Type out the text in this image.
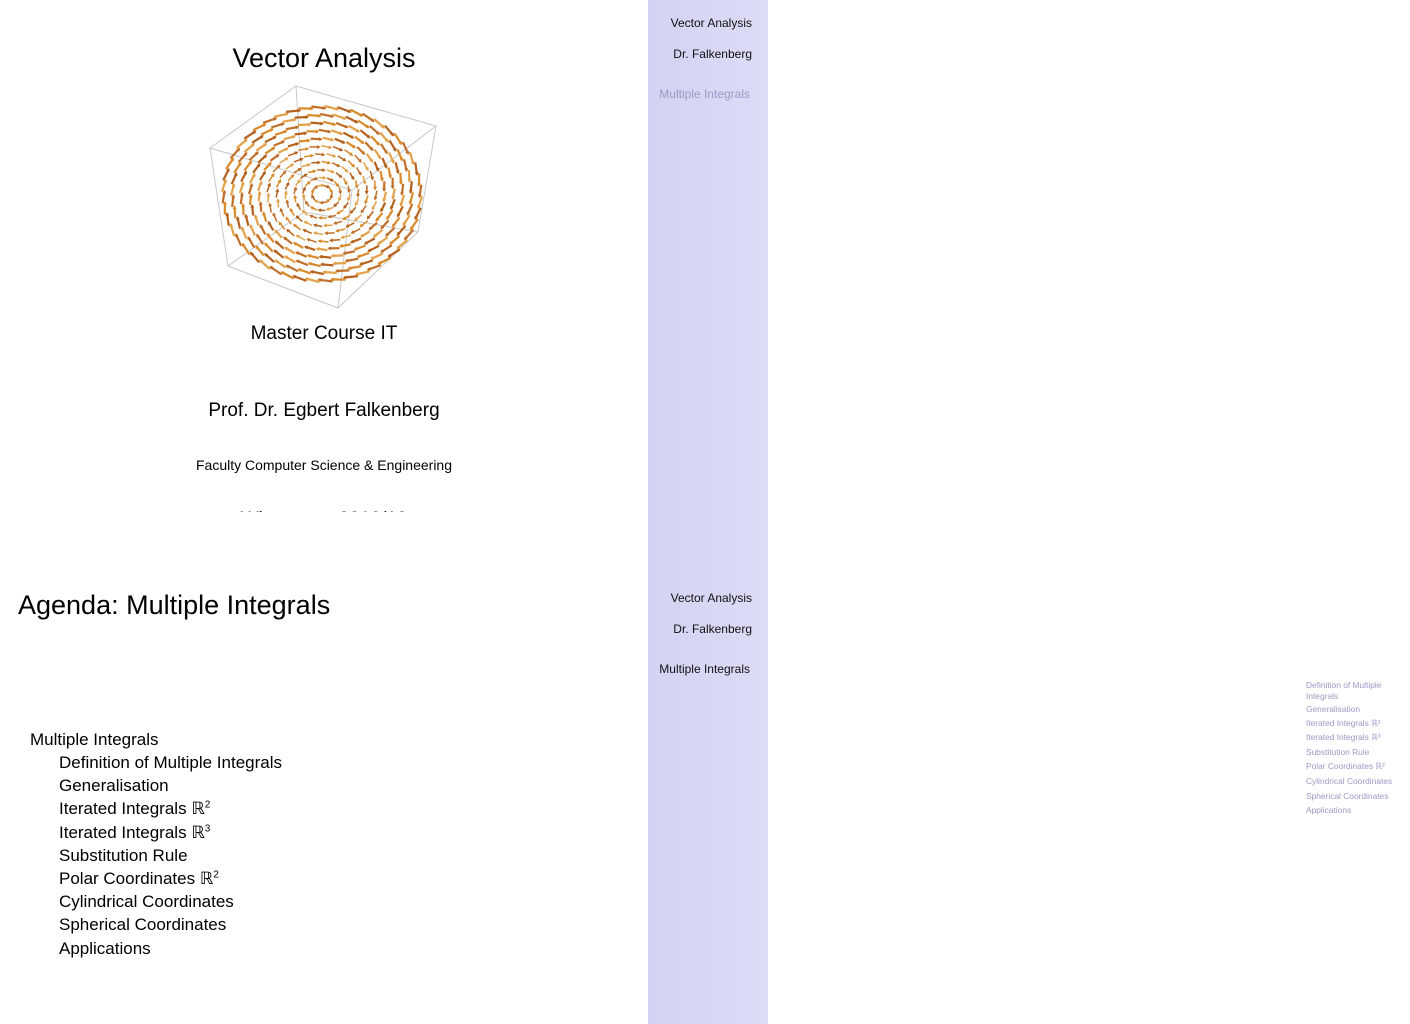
Vector Analysis
Dr. Falkenberg
Multiple Integrals
Vector Analysis
Master Course IT
Prof. Dr. Egbert Falkenberg
Faculty Computer Science & Engineering
Vector Analysis
Dr. Falkenberg
Multiple Integrals
Definition of Multiple Integrals
Generalisation
Iterated Integrals ℝ²
Iterated Integrals ℝ³
Substitution Rule
Polar Coordinates ℝ²
Cylindrical Coordinates
Spherical Coordinates
Applications
Agenda: Multiple Integrals
Multiple Integrals
Definition of Multiple Integrals
Generalisation
Iterated Integrals ℝ$^2$
Iterated Integrals ℝ$^3$
Substitution Rule
Polar Coordinates ℝ$^2$
Cylindrical Coordinates
Spherical Coordinates
Applications
